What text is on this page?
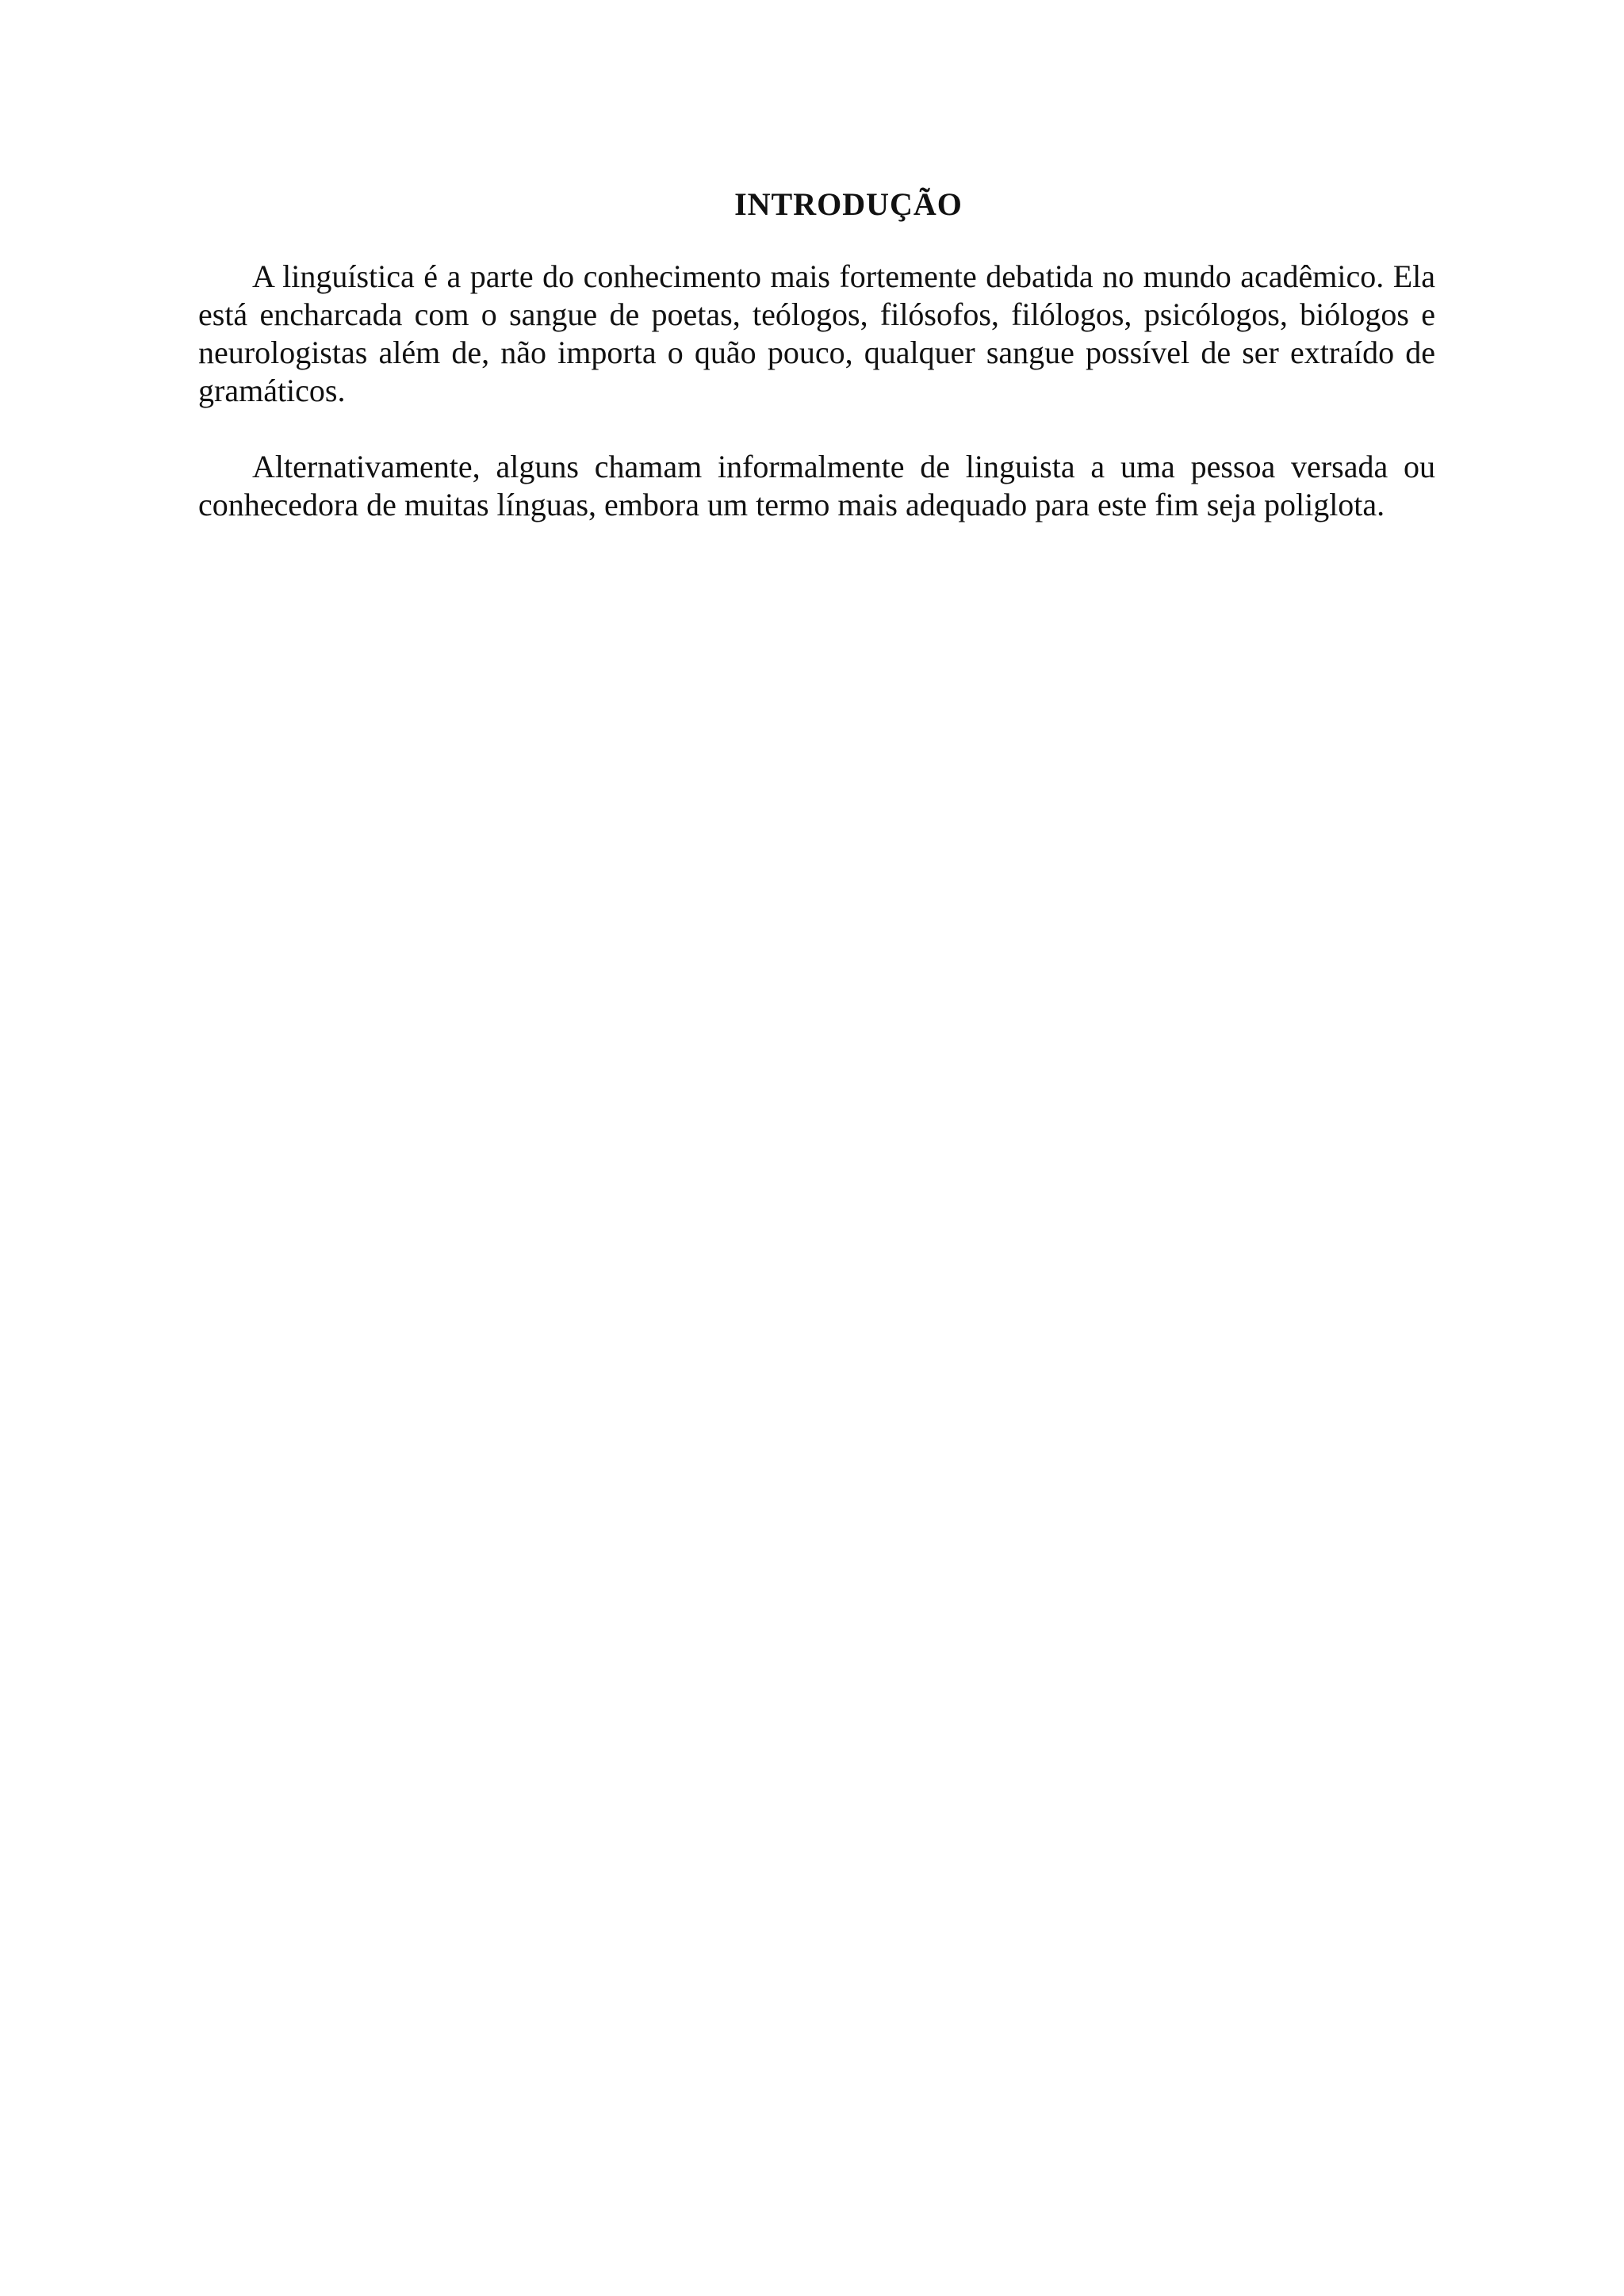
INTRODUÇÃO

A linguística é a parte do conhecimento mais fortemente debatida no mundo acadêmico. Ela está encharcada com o sangue de poetas, teólogos, filósofos, filólogos, psicólogos, biólogos e neurologistas além de, não importa o quão pouco, qualquer sangue possível de ser extraído de gramáticos.

Alternativamente, alguns chamam informalmente de linguista a uma pessoa versada ou conhecedora de muitas línguas, embora um termo mais adequado para este fim seja poliglota.
